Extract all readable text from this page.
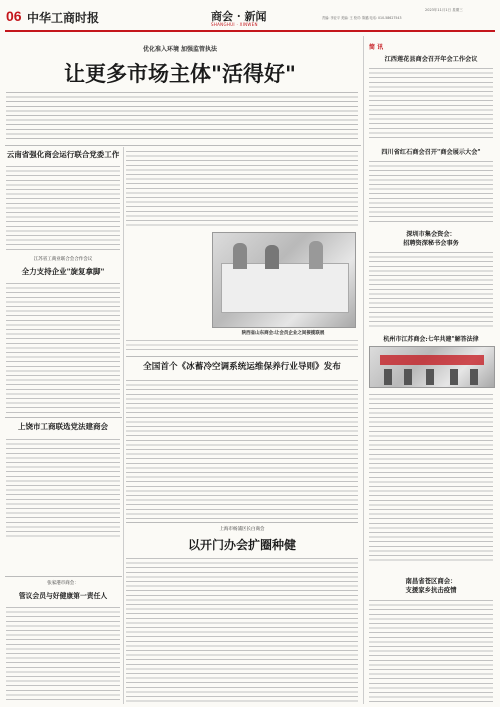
06 中华工商时报	商会 · 新闻
SHANGHUI · XINWEN
2023年11月1日 星期三
责编: 李亚平 美编: 王 校对: 陈璐 电话: 010-58627543
优化准入环境 加强监管执法
让更多市场主体"活得好"
云南省强化商会运行联合党委工作
江苏省工商业联合会合作会议
全力支持企业"旋复拿脚"
上饶市工商联选党法建商会
张家港市商会：
管议会员与好健康第一责任人
陕西省山东商会:让会员企业之间接揽联展
全国首个《冰蓄冷空调系统运维保养行业导则》发布
上海市杨浦区长白商会
以开门办会扩圈种健
简 讯
江西莲花县商会召开年会工作会议
四川省红石商会召开"商会展示大会"
深圳市集会资会：
招聘资深秘书会事务
杭州市江苏商会:七年共建"解答法律
南昌省苍区商会：
支援家乡抗击疫情
